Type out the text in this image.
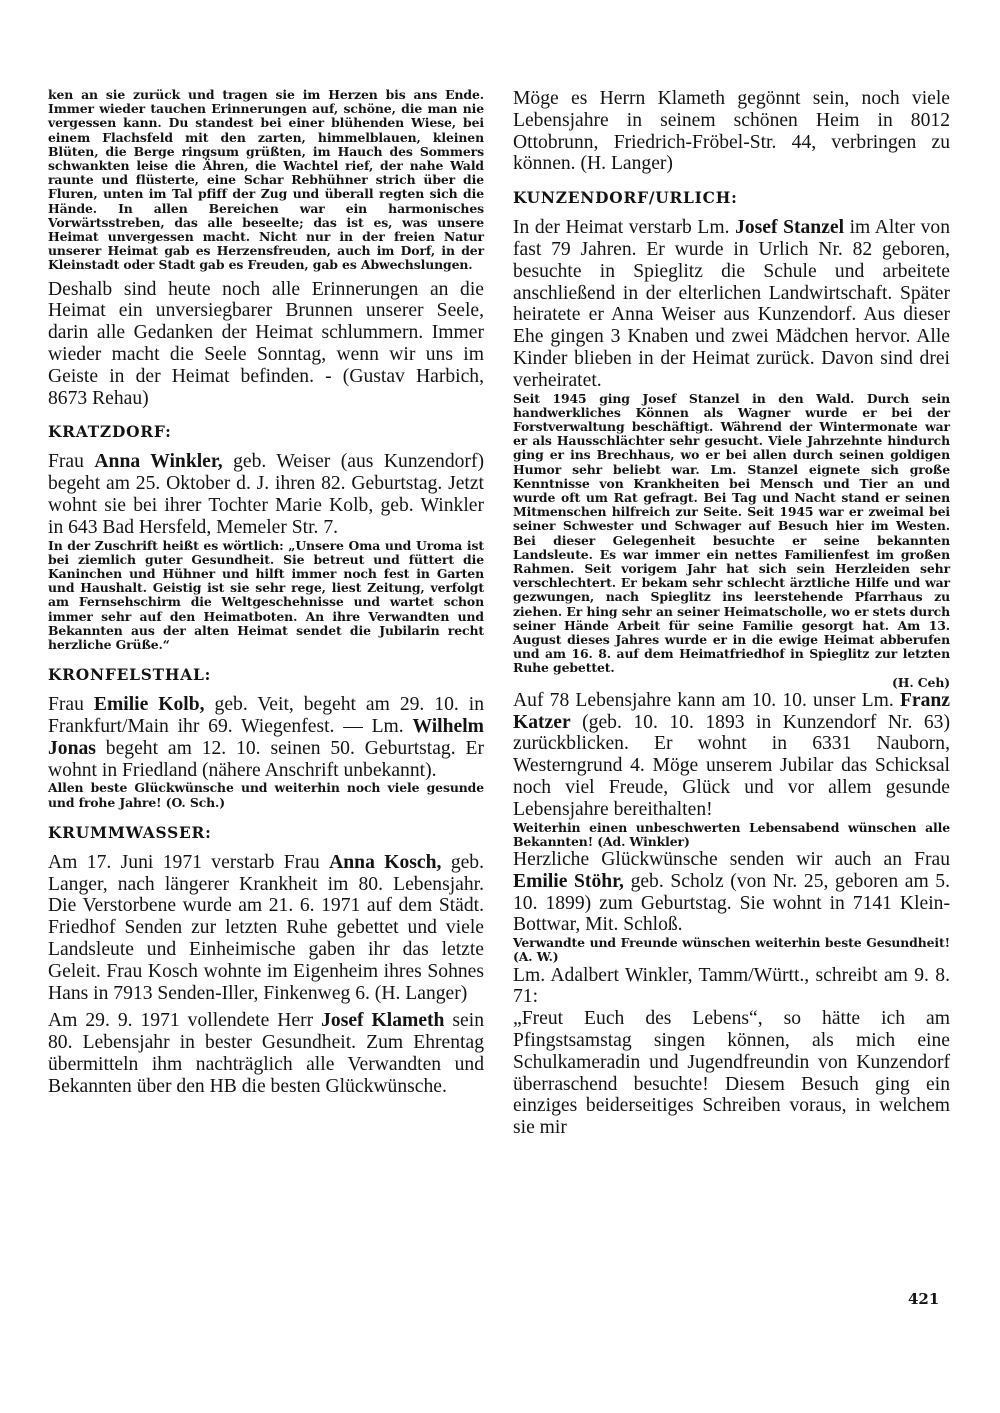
ken an sie zurück und tragen sie im Herzen bis ans Ende. Immer wieder tauchen Erinnerungen auf, schöne, die man nie vergessen kann. Du standest bei einer blühenden Wiese, bei einem Flachsfeld mit den zarten, himmelblauen, kleinen Blüten, die Berge ringsum grüßten, im Hauch des Sommers schwankten leise die Ähren, die Wachtel rief, der nahe Wald raunte und flüsterte, eine Schar Rebhühner strich über die Fluren, unten im Tal pfiff der Zug und überall regten sich die Hände. In allen Bereichen war ein harmonisches Vorwärtsstreben, das alle beseelte; das ist es, was unsere Heimat unvergessen macht. Nicht nur in der freien Natur unserer Heimat gab es Herzensfreuden, auch im Dorf, in der Kleinstadt oder Stadt gab es Freuden, gab es Abwechslungen.

Deshalb sind heute noch alle Erinnerungen an die Heimat ein unversiegbarer Brunnen unserer Seele, darin alle Gedanken der Heimat schlummern. Immer wieder macht die Seele Sonntag, wenn wir uns im Geiste in der Heimat befinden. - (Gustav Harbich, 8673 Rehau)

KRATZDORF:

Frau Anna Winkler, geb. Weiser (aus Kunzendorf) begeht am 25. Oktober d. J. ihren 82. Geburtstag. Jetzt wohnt sie bei ihrer Tochter Marie Kolb, geb. Winkler in 643 Bad Hersfeld, Memeler Str. 7.

In der Zuschrift heißt es wörtlich: „Unsere Oma und Uroma ist bei ziemlich guter Gesundheit. Sie betreut und füttert die Kaninchen und Hühner und hilft immer noch fest in Garten und Haushalt. Geistig ist sie sehr rege, liest Zeitung, verfolgt am Fernsehschirm die Weltgeschehnisse und wartet schon immer sehr auf den Heimatboten. An ihre Verwandten und Bekannten aus der alten Heimat sendet die Jubilarin recht herzliche Grüße.“

KRONFELSTHAL:

Frau Emilie Kolb, geb. Veit, begeht am 29. 10. in Frankfurt/Main ihr 69. Wiegenfest. — Lm. Wilhelm Jonas begeht am 12. 10. seinen 50. Geburtstag. Er wohnt in Friedland (nähere Anschrift unbekannt).

Allen beste Glückwünsche und weiterhin noch viele gesunde und frohe Jahre! (O. Sch.)

KRUMMWASSER:

Am 17. Juni 1971 verstarb Frau Anna Kosch, geb. Langer, nach längerer Krankheit im 80. Lebensjahr. Die Verstorbene wurde am 21. 6. 1971 auf dem Städt. Friedhof Senden zur letzten Ruhe gebettet und viele Landsleute und Einheimische gaben ihr das letzte Geleit. Frau Kosch wohnte im Eigenheim ihres Sohnes Hans in 7913 Senden-Iller, Finkenweg 6. (H. Langer)

Am 29. 9. 1971 vollendete Herr Josef Klameth sein 80. Lebensjahr in bester Gesundheit. Zum Ehrentag übermitteln ihm nachträglich alle Verwandten und Bekannten über den HB die besten Glückwünsche.

Möge es Herrn Klameth gegönnt sein, noch viele Lebensjahre in seinem schönen Heim in 8012 Ottobrunn, Friedrich-Fröbel-Str. 44, verbringen zu können. (H. Langer)

KUNZENDORF/URLICH:

In der Heimat verstarb Lm. Josef Stanzel im Alter von fast 79 Jahren. Er wurde in Urlich Nr. 82 geboren, besuchte in Spieglitz die Schule und arbeitete anschließend in der elterlichen Landwirtschaft. Später heiratete er Anna Weiser aus Kunzendorf. Aus dieser Ehe gingen 3 Knaben und zwei Mädchen hervor. Alle Kinder blieben in der Heimat zurück. Davon sind drei verheiratet.

Seit 1945 ging Josef Stanzel in den Wald. Durch sein handwerkliches Können als Wagner wurde er bei der Forstverwaltung beschäftigt. Während der Wintermonate war er als Hausschlächter sehr gesucht. Viele Jahrzehnte hindurch ging er ins Brechhaus, wo er bei allen durch seinen goldigen Humor sehr beliebt war. Lm. Stanzel eignete sich große Kenntnisse von Krankheiten bei Mensch und Tier an und wurde oft um Rat gefragt. Bei Tag und Nacht stand er seinen Mitmenschen hilfreich zur Seite. Seit 1945 war er zweimal bei seiner Schwester und Schwager auf Besuch hier im Westen. Bei dieser Gelegenheit besuchte er seine bekannten Landsleute. Es war immer ein nettes Familienfest im großen Rahmen. Seit vorigem Jahr hat sich sein Herzleiden sehr verschlechtert. Er bekam sehr schlecht ärztliche Hilfe und war gezwungen, nach Spieglitz ins leerstehende Pfarrhaus zu ziehen. Er hing sehr an seiner Heimatscholle, wo er stets durch seiner Hände Arbeit für seine Familie gesorgt hat. Am 13. August dieses Jahres wurde er in die ewige Heimat abberufen und am 16. 8. auf dem Heimatfriedhof in Spieglitz zur letzten Ruhe gebettet.
(H. Ceh)

Auf 78 Lebensjahre kann am 10. 10. unser Lm. Franz Katzer (geb. 10. 10. 1893 in Kunzendorf Nr. 63) zurückblicken. Er wohnt in 6331 Nauborn, Westerngrund 4. Möge unserem Jubilar das Schicksal noch viel Freude, Glück und vor allem gesunde Lebensjahre bereithalten!

Weiterhin einen unbeschwerten Lebensabend wünschen alle Bekannten! (Ad. Winkler)

Herzliche Glückwünsche senden wir auch an Frau Emilie Stöhr, geb. Scholz (von Nr. 25, geboren am 5. 10. 1899) zum Geburtstag. Sie wohnt in 7141 Klein-Bottwar, Mit. Schloß.

Verwandte und Freunde wünschen weiterhin beste Gesundheit! (A. W.)

Lm. Adalbert Winkler, Tamm/Württ., schreibt am 9. 8. 71:

„Freut Euch des Lebens“, so hätte ich am Pfingstsamstag singen können, als mich eine Schulkameradin und Jugendfreundin von Kunzendorf überraschend besuchte! Diesem Besuch ging ein einziges beiderseitiges Schreiben voraus, in welchem sie mir

421
